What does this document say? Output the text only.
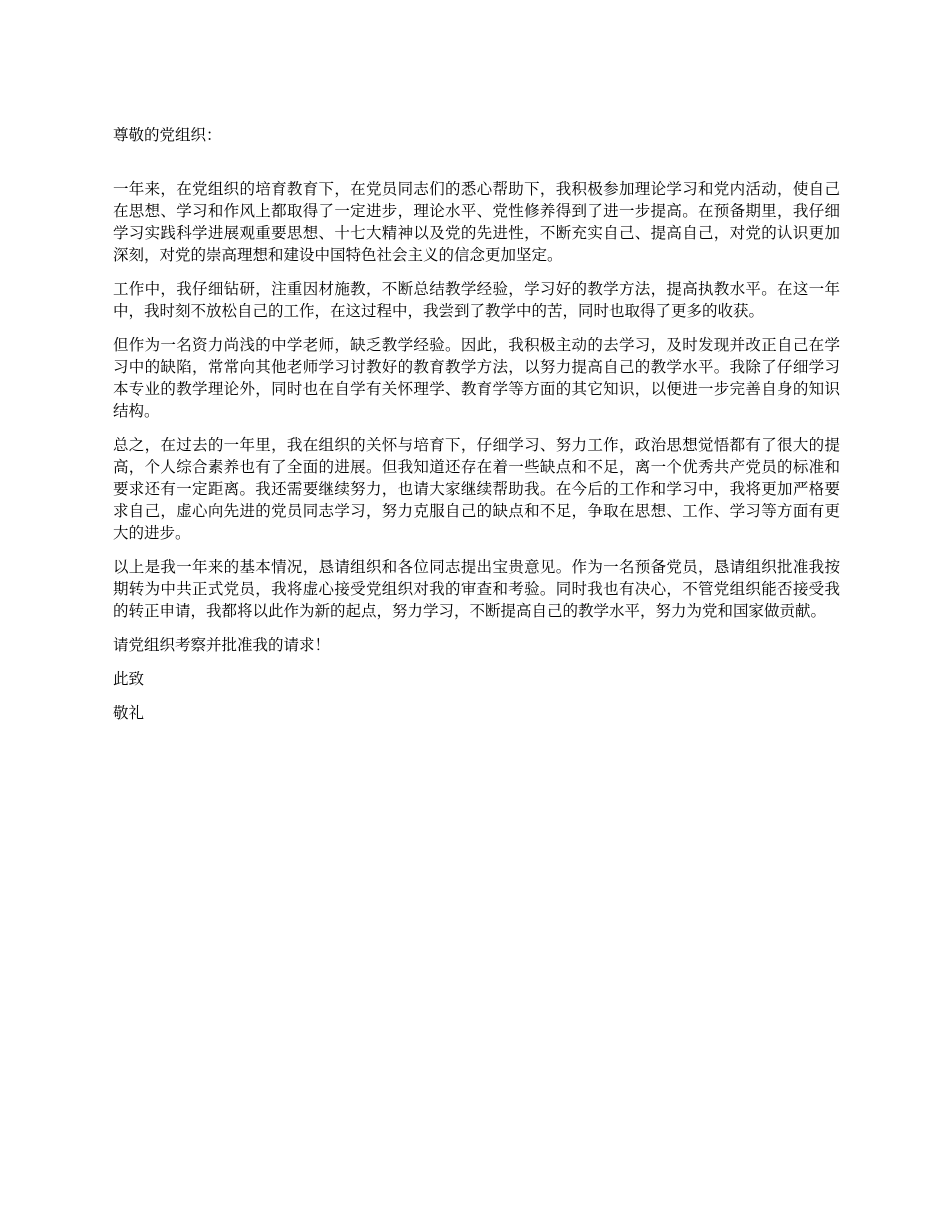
尊敬的党组织：

一年来，在党组织的培育教育下，在党员同志们的悉心帮助下，我积极参加理论学习和党内活动，使自己在思想、学习和作风上都取得了一定进步，理论水平、党性修养得到了进一步提高。在预备期里，我仔细学习实践科学进展观重要思想、十七大精神以及党的先进性，不断充实自己、提高自己，对党的认识更加深刻，对党的崇高理想和建设中国特色社会主义的信念更加坚定。

工作中，我仔细钻研，注重因材施教，不断总结教学经验，学习好的教学方法，提高执教水平。在这一年中，我时刻不放松自己的工作，在这过程中，我尝到了教学中的苦，同时也取得了更多的收获。

但作为一名资力尚浅的中学老师，缺乏教学经验。因此，我积极主动的去学习，及时发现并改正自己在学习中的缺陷，常常向其他老师学习讨教好的教育教学方法，以努力提高自己的教学水平。我除了仔细学习本专业的教学理论外，同时也在自学有关怀理学、教育学等方面的其它知识，以便进一步完善自身的知识结构。

总之，在过去的一年里，我在组织的关怀与培育下，仔细学习、努力工作，政治思想觉悟都有了很大的提高，个人综合素养也有了全面的进展。但我知道还存在着一些缺点和不足，离一个优秀共产党员的标准和要求还有一定距离。我还需要继续努力，也请大家继续帮助我。在今后的工作和学习中，我将更加严格要求自己，虚心向先进的党员同志学习，努力克服自己的缺点和不足，争取在思想、工作、学习等方面有更大的进步。

以上是我一年来的基本情况，恳请组织和各位同志提出宝贵意见。作为一名预备党员，恳请组织批准我按期转为中共正式党员，我将虚心接受党组织对我的审查和考验。同时我也有决心，不管党组织能否接受我的转正申请，我都将以此作为新的起点，努力学习，不断提高自己的教学水平，努力为党和国家做贡献。

请党组织考察并批准我的请求！

此致

敬礼
